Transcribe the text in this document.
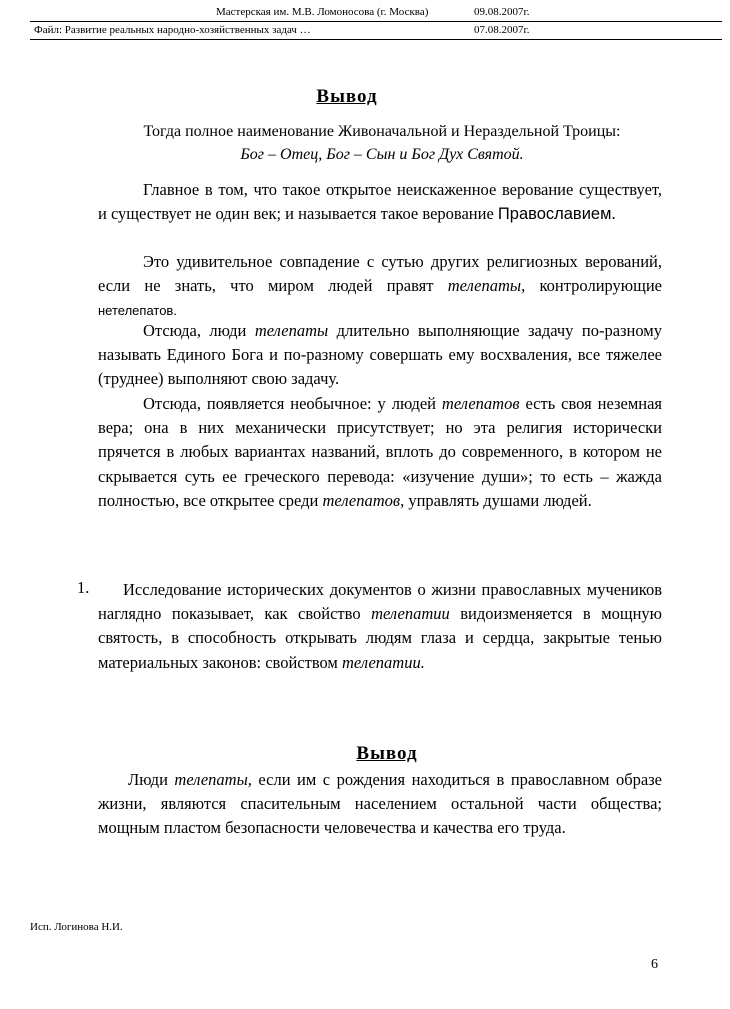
Мастерская им. М.В. Ломоносова (г. Москва)	09.08.2007г.
Файл: Развитие реальных народно-хозяйственных задач …	07.08.2007г.
Вывод
Тогда полное наименование Живоначальной и Нераздельной Троицы:
Бог – Отец, Бог – Сын и Бог Дух Святой.
Главное в том, что такое открытое неискаженное верование существует, и существует не один век; и называется такое верование Православием.
Это удивительное совпадение с сутью других религиозных верований, если не знать, что миром людей правят телепаты, контролирующие нетелепатов.
Отсюда, люди телепаты длительно выполняющие задачу по-разному называть Единого Бога и по-разному совершать ему восхваления, все тяжелее (труднее) выполняют свою задачу.
Отсюда, появляется необычное: у людей телепатов есть своя неземная вера; она в них механически присутствует; но эта религия исторически прячется в любых вариантах названий, вплоть до современного, в котором не скрывается суть ее греческого перевода: «изучение души»; то есть – жажда полностью, все открытее среди телепатов, управлять душами людей.
1.	Исследование исторических документов о жизни православных мучеников наглядно показывает, как свойство телепатии видоизменяется в мощную святость, в способность открывать людям глаза и сердца, закрытые тенью материальных законов: свойством телепатии.
Вывод
Люди телепаты, если им с рождения находиться в православном образе жизни, являются спасительным населением остальной части общества; мощным пластом безопасности человечества и качества его труда.
Исп. Логинова Н.И.
6
